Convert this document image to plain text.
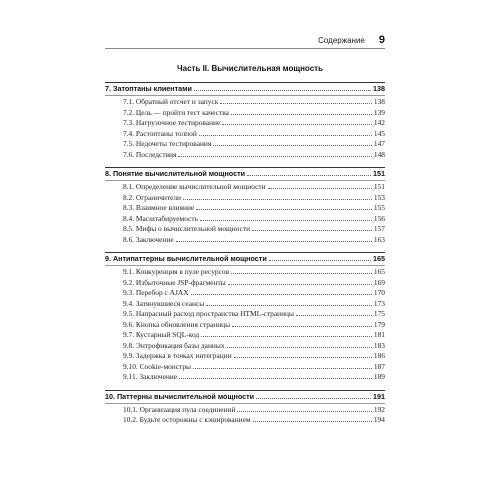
Содержание 9
Часть II. Вычислительная мощность
7. Затоптаны клиентами	138
7.1. Обратный отсчет и запуск	138
7.2. Цель — пройти тест качества	139
7.3. Нагрузочное тестирование	142
7.4. Растоптаны толпой	145
7.5. Недочеты тестирования	147
7.6. Последствия	148
8. Понятие вычислительной мощности	151
8.1. Определение вычислительной мощности	151
8.2. Ограничители	153
8.3. Взаимное влияние	155
8.4. Масштабируемость	156
8.5. Мифы о вычислительной мощности	157
8.6. Заключение	163
9. Антипаттерны вычислительной мощности	165
9.1. Конкуренция в пуле ресурсов	165
9.2. Избыточные JSP-фрагменты	169
9.3. Перебор с AJAX	170
9.4. Затянувшиеся сеансы	173
9.5. Напрасный расход пространства HTML-страницы	175
9.6. Кнопка обновления страницы	179
9.7. Кустарный SQL-код	181
9.8. Энтрофикация базы данных	183
9.9. Задержка в точках интеграции	186
9.10. Cookie-монстры	187
9.11. Заключение	189
10. Паттерны вычислительной мощности	191
10.1. Организация пула соединений	192
10.2. Будьте осторожны с кэшированием	194
